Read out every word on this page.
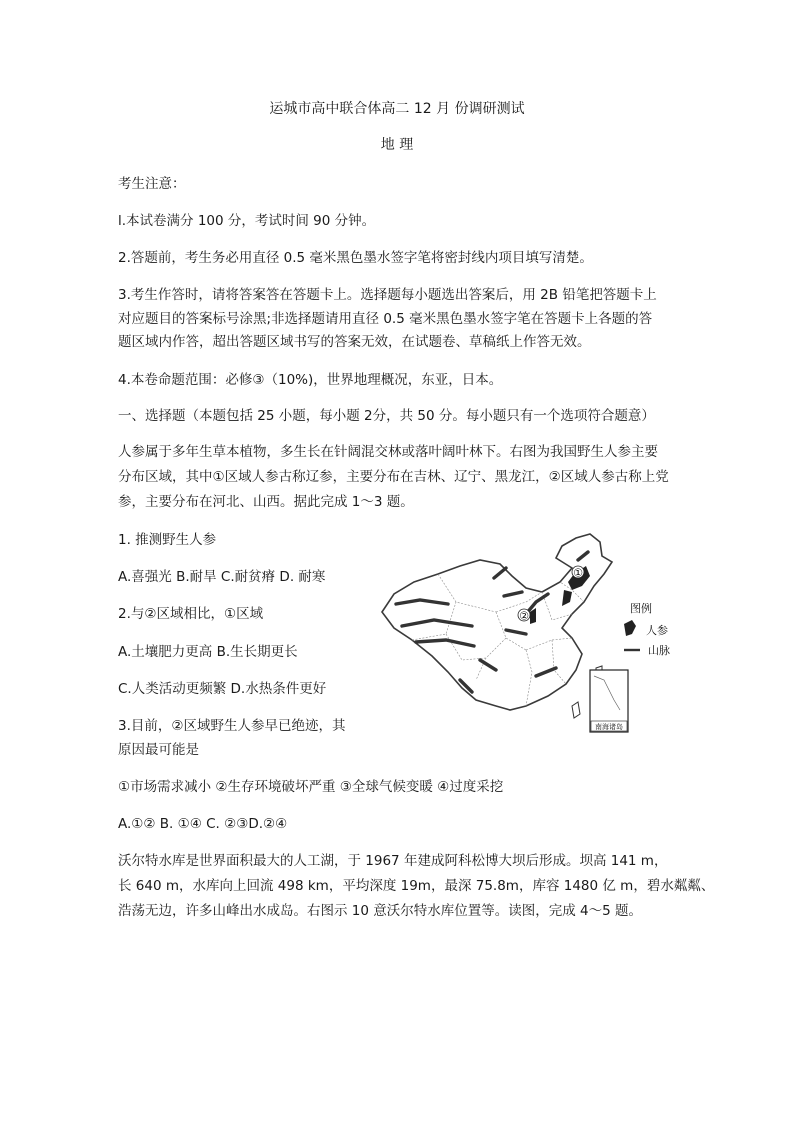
运城市高中联合体高二 12 月 份调研测试
地 理
考生注意：
l.本试卷满分 100 分，考试时间 90 分钟。
2.答题前，考生务必用直径 0.5 毫米黑色墨水签字笔将密封线内项目填写清楚。
3.考生作答时，请将答案答在答题卡上。选择题每小题选出答案后，用 2B 铅笔把答题卡上
对应题目的答案标号涂黑;非选择题请用直径 0.5 毫米黑色墨水签字笔在答题卡上各题的答
题区域内作答，超出答题区域书写的答案无效，在试题卷、草稿纸上作答无效。
4.本卷命题范围：必修③（10%)，世界地理概况，东亚，日本。
一、选择题（本题包括 25 小题，每小题 2分，共 50 分。每小题只有一个选项符合题意）
人参属于多年生草本植物，多生长在针阔混交林或落叶阔叶林下。右图为我国野生人参主要
分布区域，其中①区域人参古称辽参，主要分布在吉林、辽宁、黑龙江，②区域人参古称上党
参，主要分布在河北、山西。据此完成 1～3 题。
1. 推测野生人参
A.喜强光 B.耐旱 C.耐贫瘠 D. 耐寒
2.与②区域相比，①区域
A.土壤肥力更高 B.生长期更长
C.人类活动更频繁 D.水热条件更好
3.目前，②区域野生人参早已绝迹，其
原因最可能是
①市场需求减小 ②生存环境破坏严重 ③全球气候变暖 ④过度采挖
A.①② B. ①④ C. ②③D.②④
沃尔特水库是世界面积最大的人工湖，于 1967 年建成阿科松博大坝后形成。坝高 141 m，
长 640 m，水库向上回流 498 km，平均深度 19m，最深 75.8m，库容 1480 亿 m，碧水粼粼、
浩荡无边，许多山峰出水成岛。右图示 10 意沃尔特水库位置等。读图，完成 4～5 题。
①
②
图例
人参
山脉
南海诸岛
